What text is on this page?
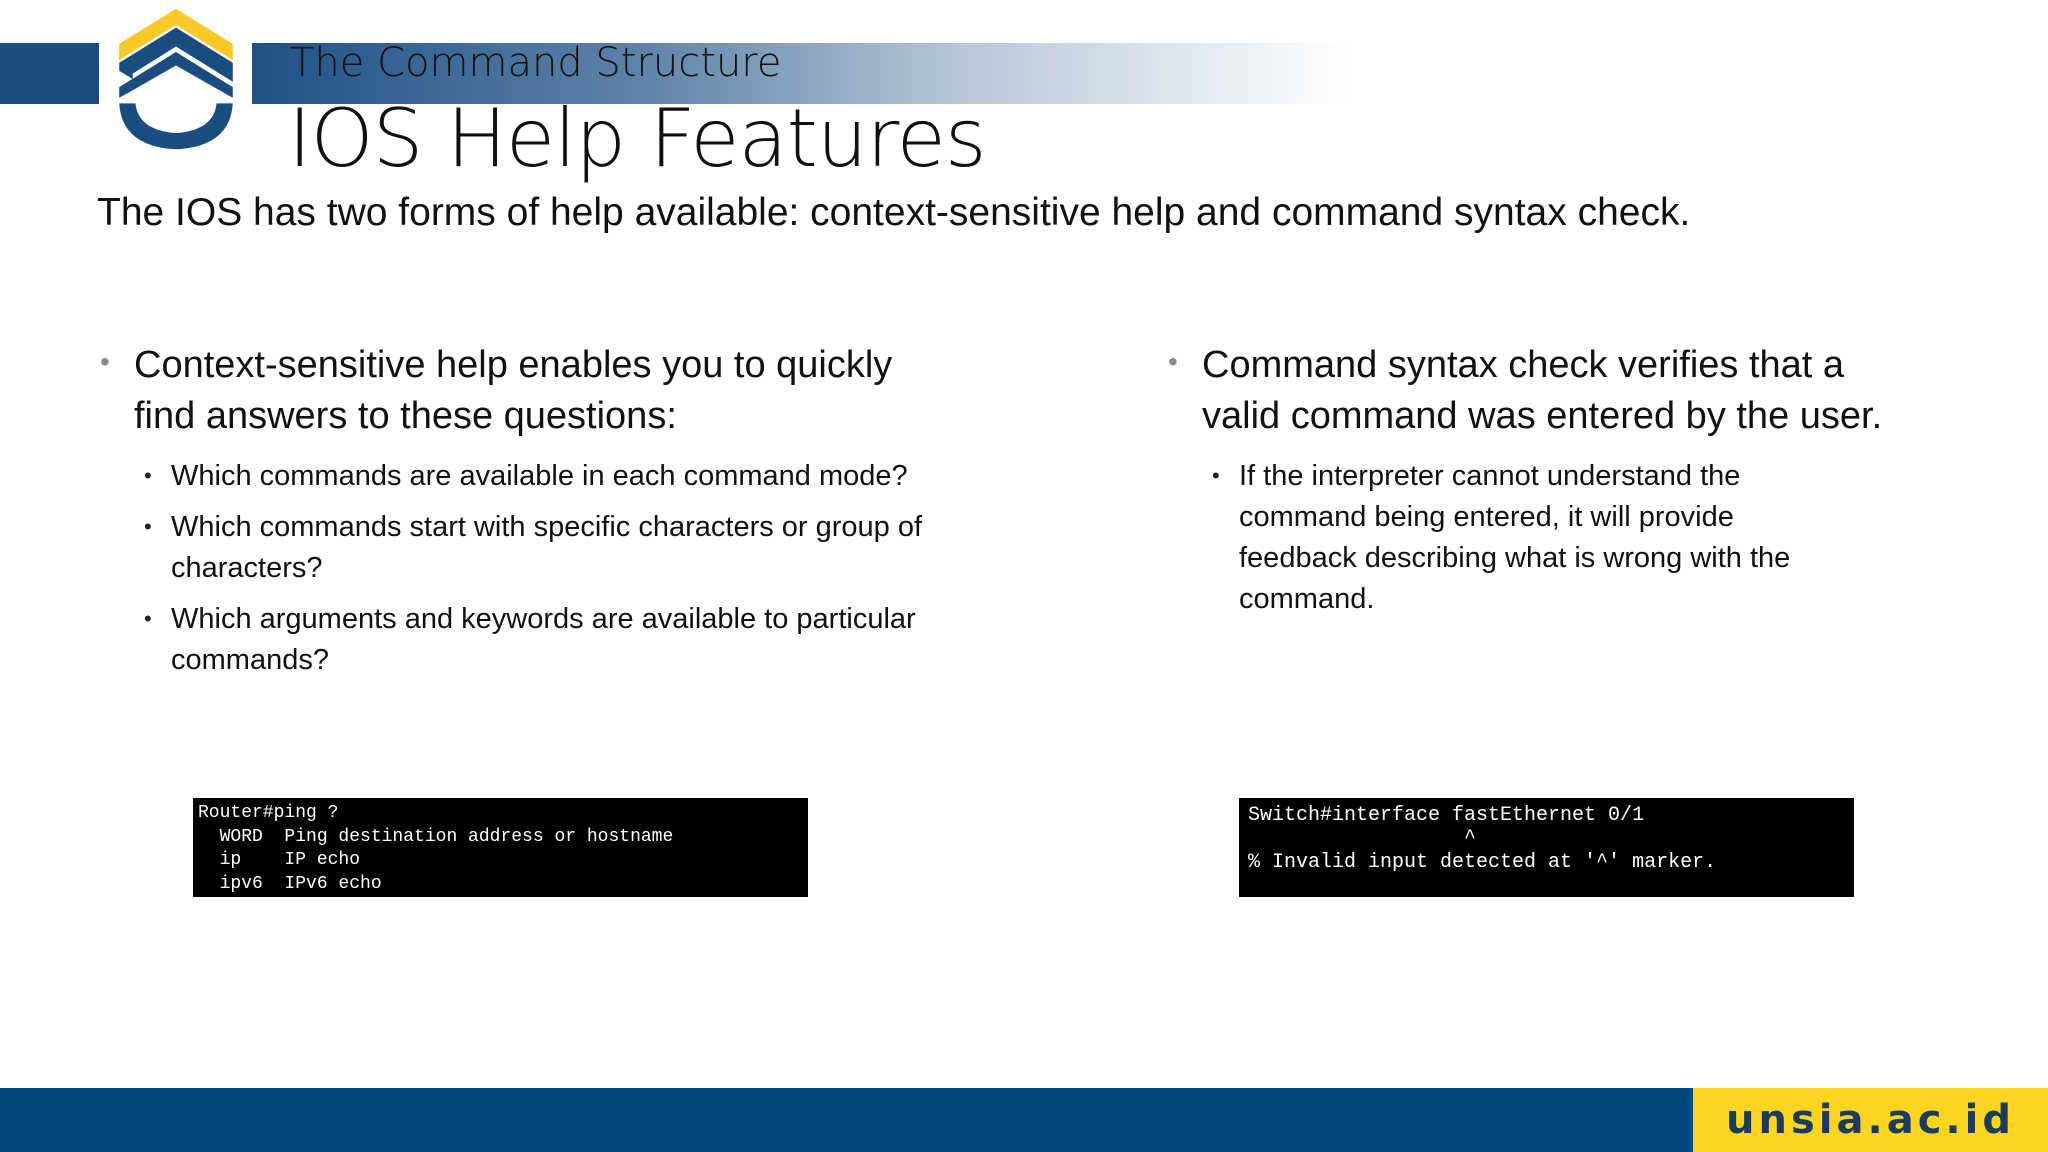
The Command Structure
IOS Help Features
The IOS has two forms of help available: context-sensitive help and command syntax check.
• Context-sensitive help enables you to quickly find answers to these questions:
• Which commands are available in each command mode?
• Which commands start with specific characters or group of characters?
• Which arguments and keywords are available to particular commands?
• Command syntax check verifies that a valid command was entered by the user.
• If the interpreter cannot understand the command being entered, it will provide feedback describing what is wrong with the command.
Router#ping ?
WORD  Ping destination address or hostname
ip    IP echo
ipv6  IPv6 echo
Switch#interface fastEthernet 0/1
^
% Invalid input detected at '^' marker.
unsia.ac.id
